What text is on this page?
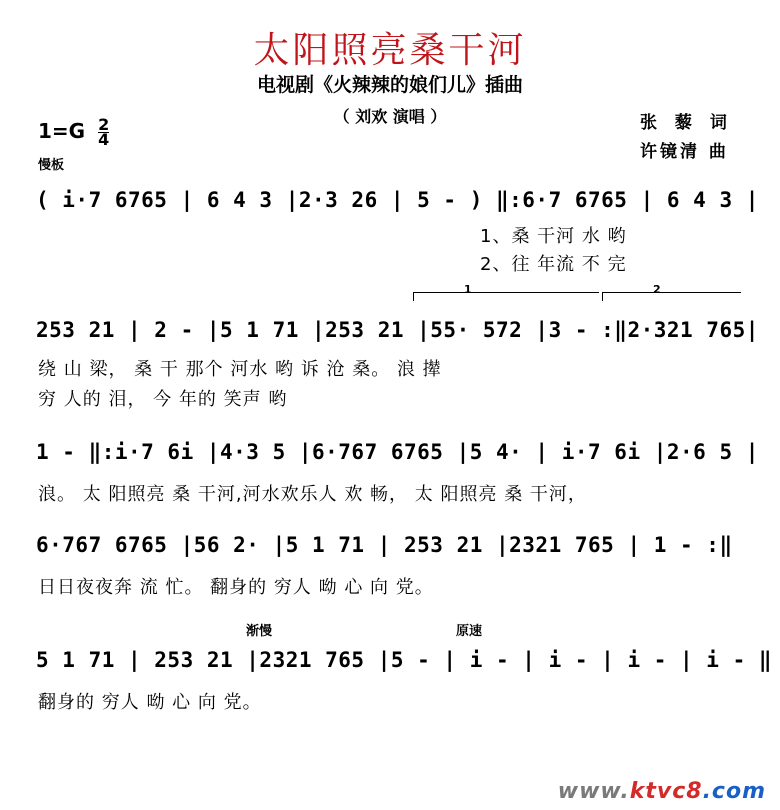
太阳照亮桑干河
电视剧《火辣辣的娘们儿》插曲
（ 刘欢 演唱 ）
$1=G \frac{2}{4}$
慢板
张 藜 词
许镜清 曲
( i·7 6765 | 6 4 3 |2·3 26 | 5 - ) ‖:6·7 6765 | 6 4 3 |
1、桑 干河 水 哟
2、往 年流 不 完
1	2
253 21 | 2 - |5 1 71 |253 21 |55· 572 |3 - :‖2·321 765|
绕 山 梁， 桑 干 那个 河水 哟 诉 沧 桑。 浪 撵
穷 人的 泪， 今 年的 笑声 哟
1 - ‖:i·7 6i |4·3 5 |6·767 6765 |5 4· | i·7 6i |2·6 5 |
浪。 太 阳照亮 桑 干河,河水欢乐人 欢 畅， 太 阳照亮 桑 干河，
6·767 6765 |56 2· |5 1 71 | 253 21 |2321 765 | 1 - :‖
日日夜夜奔 流 忙。 翻身的 穷人 呦 心 向 党。
渐慢	原速
5 1 71 | 253 21 |2321 765 |5 - | i - | i - | i - | i - ‖
翻身的 穷人 呦 心 向 党。
www.ktvc8.com
